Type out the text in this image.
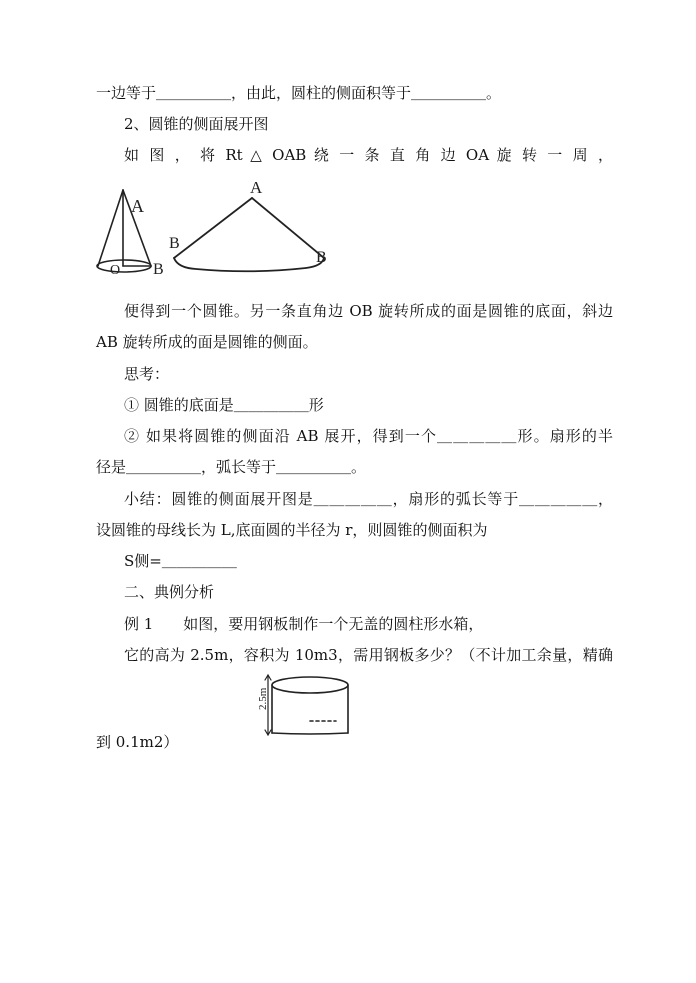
一边等于＿＿＿＿＿，由此，圆柱的侧面积等于＿＿＿＿＿。
2、圆锥的侧面展开图
如 图 ， 将 Rt △ OAB 绕 一 条 直 角 边 OA 旋 转 一 周 ，
A
O B
A
B
B
便得到一个圆锥。另一条直角边 OB 旋转所成的面是圆锥的底面，斜边
AB 旋转所成的面是圆锥的侧面。
思考：
① 圆锥的底面是＿＿＿＿＿形
② 如果将圆锥的侧面沿 AB 展开，得到一个＿＿＿＿＿形。扇形的半
径是＿＿＿＿＿，弧长等于＿＿＿＿＿。
小结：圆锥的侧面展开图是＿＿＿＿＿，扇形的弧长等于＿＿＿＿＿，
设圆锥的母线长为 L,底面圆的半径为 r，则圆锥的侧面积为
S侧=＿＿＿＿＿
二、典例分析
例 1　　如图，要用钢板制作一个无盖的圆柱形水箱，
它的高为 2.5m，容积为 10m3，需用钢板多少？（不计加工余量，精确
2.5m
到 0.1m2）
